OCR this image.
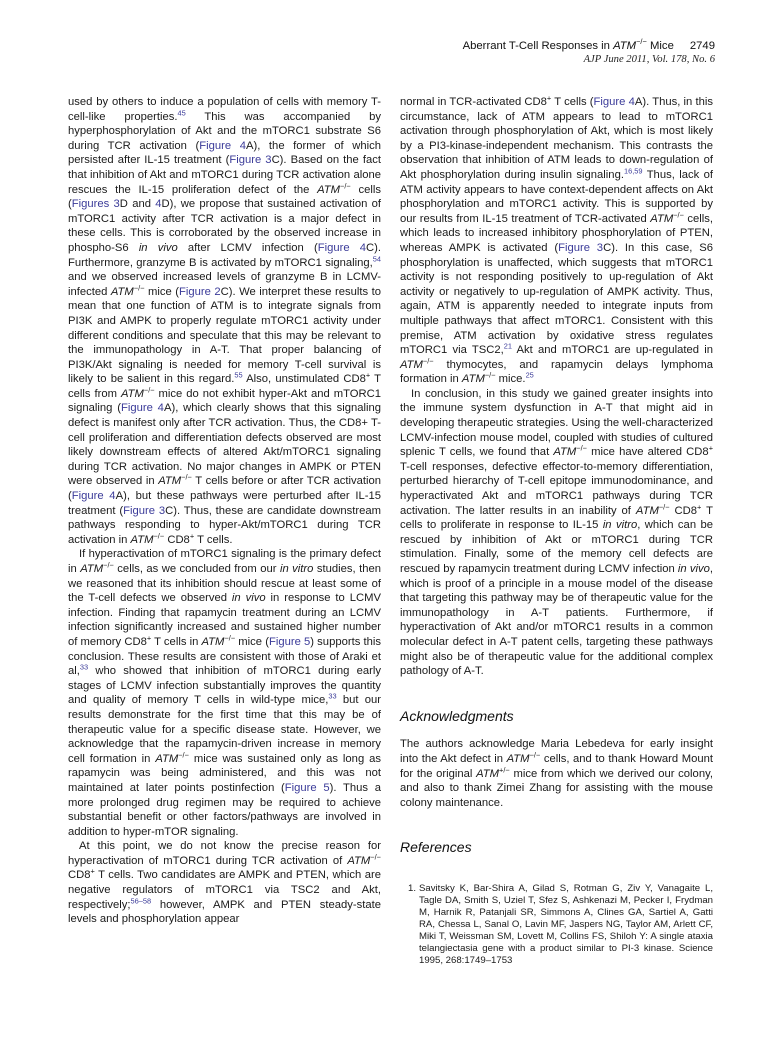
Aberrant T-Cell Responses in ATM−/− Mice 2749
AJP June 2011, Vol. 178, No. 6

used by others to induce a population of cells with memory T-cell-like properties.$^{45}$ This was accompanied by hyperphosphorylation of Akt and the mTORC1 substrate S6 during TCR activation (Figure 4A), the former of which persisted after IL-15 treatment (Figure 3C). Based on the fact that inhibition of Akt and mTORC1 during TCR activation alone rescues the IL-15 proliferation defect of the ATM−/− cells (Figures 3D and 4D), we propose that sustained activation of mTORC1 activity after TCR activation is a major defect in these cells. This is corroborated by the observed increase in phospho-S6 in vivo after LCMV infection (Figure 4C). Furthermore, granzyme B is activated by mTORC1 signaling,$^{54}$ and we observed increased levels of granzyme B in LCMV-infected ATM−/− mice (Figure 2C). We interpret these results to mean that one function of ATM is to integrate signals from PI3K and AMPK to properly regulate mTORC1 activity under different conditions and speculate that this may be relevant to the immunopathology in A-T. That proper balancing of PI3K/Akt signaling is needed for memory T-cell survival is likely to be salient in this regard.$^{55}$ Also, unstimulated CD8+ T cells from ATM−/− mice do not exhibit hyper-Akt and mTORC1 signaling (Figure 4A), which clearly shows that this signaling defect is manifest only after TCR activation. Thus, the CD8+ T-cell proliferation and differentiation defects observed are most likely downstream effects of altered Akt/mTORC1 signaling during TCR activation. No major changes in AMPK or PTEN were observed in ATM−/− T cells before or after TCR activation (Figure 4A), but these pathways were perturbed after IL-15 treatment (Figure 3C). Thus, these are candidate downstream pathways responding to hyper-Akt/mTORC1 during TCR activation in ATM−/− CD8+ T cells.

If hyperactivation of mTORC1 signaling is the primary defect in ATM−/− cells, as we concluded from our in vitro studies, then we reasoned that its inhibition should rescue at least some of the T-cell defects we observed in vivo in response to LCMV infection. Finding that rapamycin treatment during an LCMV infection significantly increased and sustained higher number of memory CD8+ T cells in ATM−/− mice (Figure 5) supports this conclusion. These results are consistent with those of Araki et al,$^{33}$ who showed that inhibition of mTORC1 during early stages of LCMV infection substantially improves the quantity and quality of memory T cells in wild-type mice,$^{33}$ but our results demonstrate for the first time that this may be of therapeutic value for a specific disease state. However, we acknowledge that the rapamycin-driven increase in memory cell formation in ATM−/− mice was sustained only as long as rapamycin was being administered, and this was not maintained at later points postinfection (Figure 5). Thus a more prolonged drug regimen may be required to achieve substantial benefit or other factors/pathways are involved in addition to hyper-mTOR signaling.

At this point, we do not know the precise reason for hyperactivation of mTORC1 during TCR activation of ATM−/− CD8+ T cells. Two candidates are AMPK and PTEN, which are negative regulators of mTORC1 via TSC2 and Akt, respectively;$^{56-58}$ however, AMPK and PTEN steady-state levels and phosphorylation appear

normal in TCR-activated CD8+ T cells (Figure 4A). Thus, in this circumstance, lack of ATM appears to lead to mTORC1 activation through phosphorylation of Akt, which is most likely by a PI3-kinase-independent mechanism. This contrasts the observation that inhibition of ATM leads to down-regulation of Akt phosphorylation during insulin signaling.$^{16,59}$ Thus, lack of ATM activity appears to have context-dependent affects on Akt phosphorylation and mTORC1 activity. This is supported by our results from IL-15 treatment of TCR-activated ATM−/− cells, which leads to increased inhibitory phosphorylation of PTEN, whereas AMPK is activated (Figure 3C). In this case, S6 phosphorylation is unaffected, which suggests that mTORC1 activity is not responding positively to up-regulation of Akt activity or negatively to up-regulation of AMPK activity. Thus, again, ATM is apparently needed to integrate inputs from multiple pathways that affect mTORC1. Consistent with this premise, ATM activation by oxidative stress regulates mTORC1 via TSC2,21 Akt and mTORC1 are up-regulated in ATM−/− thymocytes, and rapamycin delays lymphoma formation in ATM−/− mice.$^{25}$

In conclusion, in this study we gained greater insights into the immune system dysfunction in A-T that might aid in developing therapeutic strategies. Using the well-characterized LCMV-infection mouse model, coupled with studies of cultured splenic T cells, we found that ATM−/− mice have altered CD8+ T-cell responses, defective effector-to-memory differentiation, perturbed hierarchy of T-cell epitope immunodominance, and hyperactivated Akt and mTORC1 pathways during TCR activation. The latter results in an inability of ATM−/− CD8+ T cells to proliferate in response to IL-15 in vitro, which can be rescued by inhibition of Akt or mTORC1 during TCR stimulation. Finally, some of the memory cell defects are rescued by rapamycin treatment during LCMV infection in vivo, which is proof of a principle in a mouse model of the disease that targeting this pathway may be of therapeutic value for the immunopathology in A-T patients. Furthermore, if hyperactivation of Akt and/or mTORC1 results in a common molecular defect in A-T patent cells, targeting these pathways might also be of therapeutic value for the additional complex pathology of A-T.

Acknowledgments

The authors acknowledge Maria Lebedeva for early insight into the Akt defect in ATM−/− cells, and to thank Howard Mount for the original ATM+/− mice from which we derived our colony, and also to thank Zimei Zhang for assisting with the mouse colony maintenance.

References
1. Savitsky K, Bar-Shira A, Gilad S, Rotman G, Ziv Y, Vanagaite L, Tagle DA, Smith S, Uziel T, Sfez S, Ashkenazi M, Pecker I, Frydman M, Harnik R, Patanjali SR, Simmons A, Clines GA, Sartiel A, Gatti RA, Chessa L, Sanal O, Lavin MF, Jaspers NG, Taylor AM, Arlett CF, Miki T, Weissman SM, Lovett M, Collins FS, Shiloh Y: A single ataxia telangiectasia gene with a product similar to PI-3 kinase. Science 1995, 268:1749–1753
